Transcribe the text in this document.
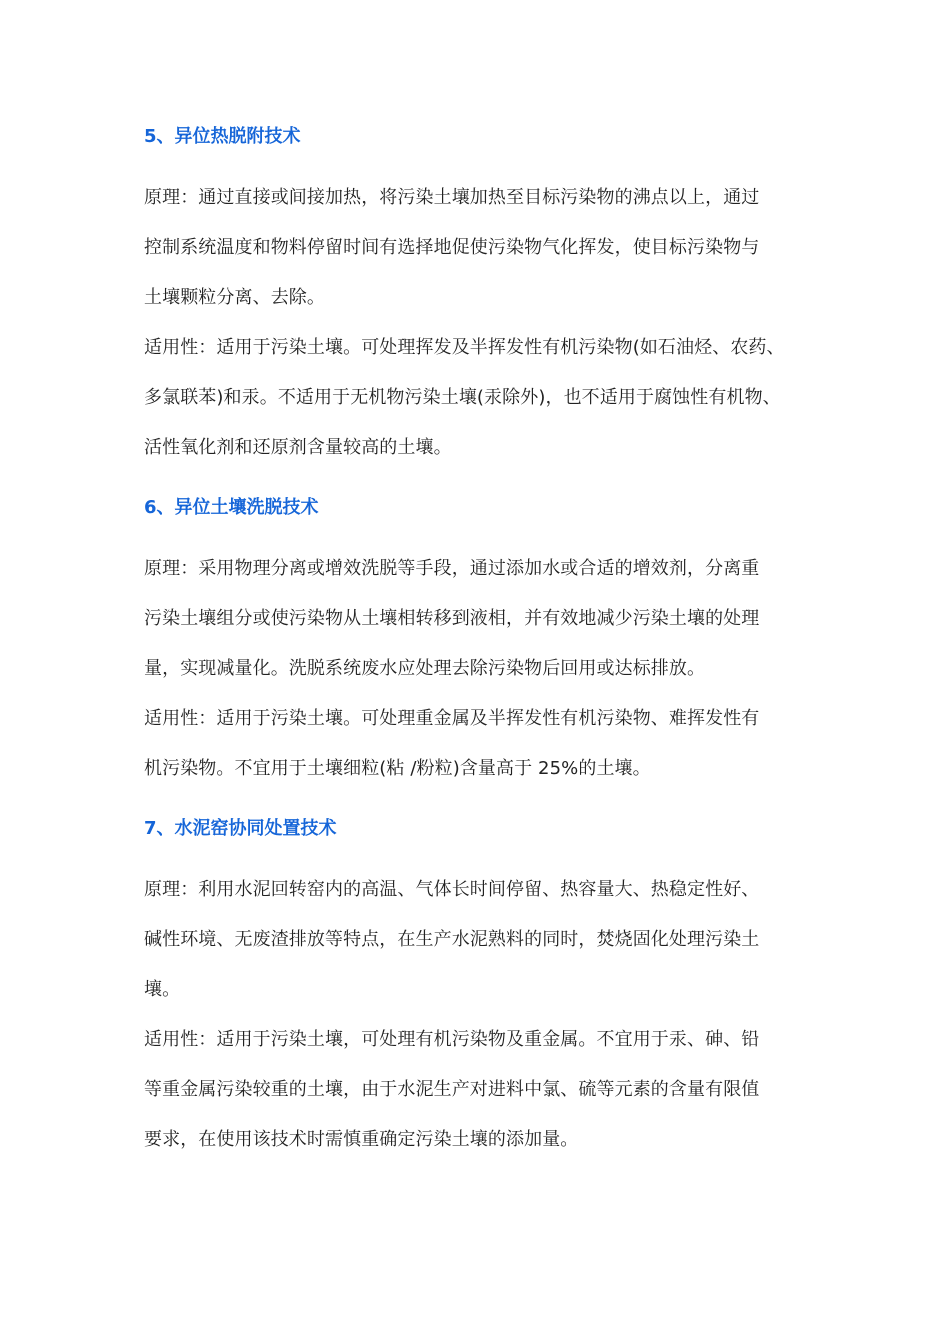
5、异位热脱附技术
原理：通过直接或间接加热，将污染土壤加热至目标污染物的沸点以上，通过
控制系统温度和物料停留时间有选择地促使污染物气化挥发，使目标污染物与
土壤颗粒分离、去除。
适用性：适用于污染土壤。可处理挥发及半挥发性有机污染物(如石油烃、农药、
多氯联苯)和汞。不适用于无机物污染土壤(汞除外)，也不适用于腐蚀性有机物、
活性氧化剂和还原剂含量较高的土壤。
6、异位土壤洗脱技术
原理：采用物理分离或增效洗脱等手段，通过添加水或合适的增效剂，分离重
污染土壤组分或使污染物从土壤相转移到液相，并有效地减少污染土壤的处理
量，实现减量化。洗脱系统废水应处理去除污染物后回用或达标排放。
适用性：适用于污染土壤。可处理重金属及半挥发性有机污染物、难挥发性有
机污染物。不宜用于土壤细粒(粘 /粉粒)含量高于 25%的土壤。
7、水泥窑协同处置技术
原理：利用水泥回转窑内的高温、气体长时间停留、热容量大、热稳定性好、
碱性环境、无废渣排放等特点，在生产水泥熟料的同时，焚烧固化处理污染土
壤。
适用性：适用于污染土壤，可处理有机污染物及重金属。不宜用于汞、砷、铅
等重金属污染较重的土壤，由于水泥生产对进料中氯、硫等元素的含量有限值
要求，在使用该技术时需慎重确定污染土壤的添加量。
